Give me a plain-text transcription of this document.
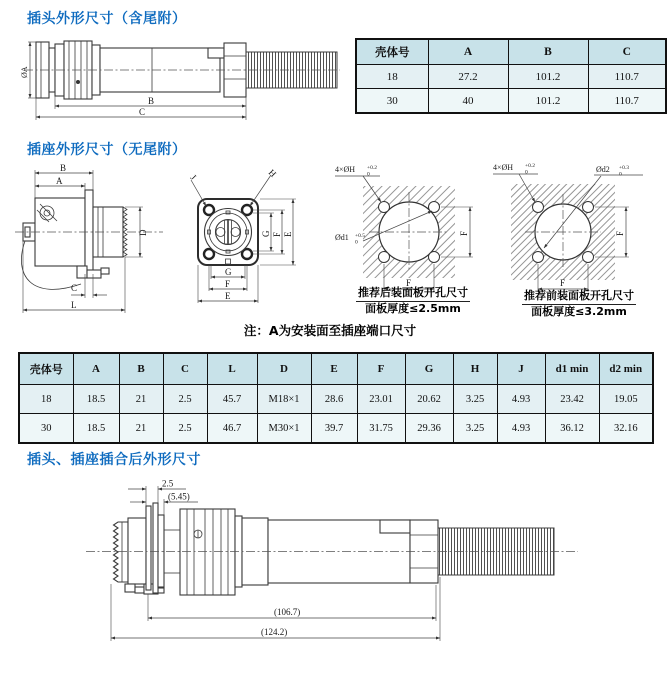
插头外形尺寸（含尾附）
ØA
B
C
壳体号	A	B	C
18	27.2	101.2	110.7
30	40	101.2	110.7
插座外形尺寸（无尾附）
B
A
D
C
L
J	H
G F E
G
F
E
4×ØH +0.2
0
Ød1 +0.5
0
F
F
推荐后装面板开孔尺寸
面板厚度≤2.5mm
4×ØH +0.2
0	Ød2 +0.3
0
F
F
推荐前装面板开孔尺寸
面板厚度≤3.2mm
注：A为安装面至插座端口尺寸
壳体号	A	B	C	L	D	E	F	G	H	J	d1 min	d2 min
18	18.5	21	2.5	45.7	M18×1	28.6	23.01	20.62	3.25	4.93	23.42	19.05
30	18.5	21	2.5	46.7	M30×1	39.7	31.75	29.36	3.25	4.93	36.12	32.16
插头、插座插合后外形尺寸
2.5
(5.45)
(106.7)
(124.2)
